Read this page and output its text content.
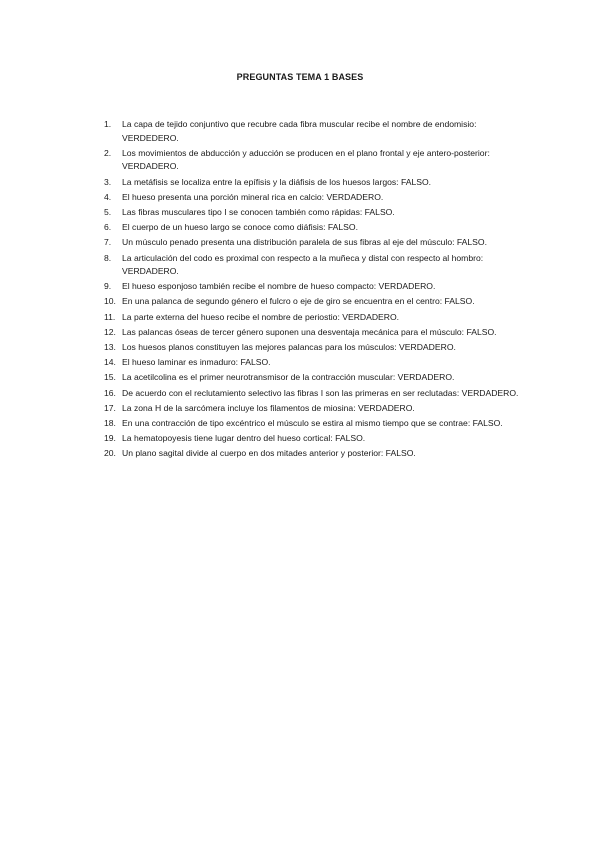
PREGUNTAS TEMA 1 BASES
1.	La capa de tejido conjuntivo que recubre cada fibra muscular recibe el nombre de endomisio: VERDEDERO.
2.	Los movimientos de abducción y aducción se producen en el plano frontal y eje antero-posterior: VERDADERO.
3.	La metáfisis se localiza entre la epífisis y la diáfisis de los huesos largos: FALSO.
4.	El hueso presenta una porción mineral rica en calcio: VERDADERO.
5.	Las fibras musculares tipo I se conocen también como rápidas: FALSO.
6.	El cuerpo de un hueso largo se conoce como diáfisis: FALSO.
7.	Un músculo penado presenta una distribución paralela de sus fibras al eje del músculo: FALSO.
8.	La articulación del codo es proximal con respecto a la muñeca y distal con respecto al hombro: VERDADERO.
9.	El hueso esponjoso también recibe el nombre de hueso compacto: VERDADERO.
10. En una palanca de segundo género el fulcro o eje de giro se encuentra en el centro: FALSO.
11. La parte externa del hueso recibe el nombre de periostio: VERDADERO.
12. Las palancas óseas de tercer género suponen una desventaja mecánica para el músculo: FALSO.
13. Los huesos planos constituyen las mejores palancas para los músculos: VERDADERO.
14. El hueso laminar es inmaduro: FALSO.
15. La acetilcolina es el primer neurotransmisor de la contracción muscular: VERDADERO.
16. De acuerdo con el reclutamiento selectivo las fibras I son las primeras en ser reclutadas: VERDADERO.
17. La zona H de la sarcómera incluye los filamentos de miosina: VERDADERO.
18. En una contracción de tipo excéntrico el músculo se estira al mismo tiempo que se contrae: FALSO.
19. La hematopoyesis tiene lugar dentro del hueso cortical: FALSO.
20. Un plano sagital divide al cuerpo en dos mitades anterior y posterior: FALSO.
